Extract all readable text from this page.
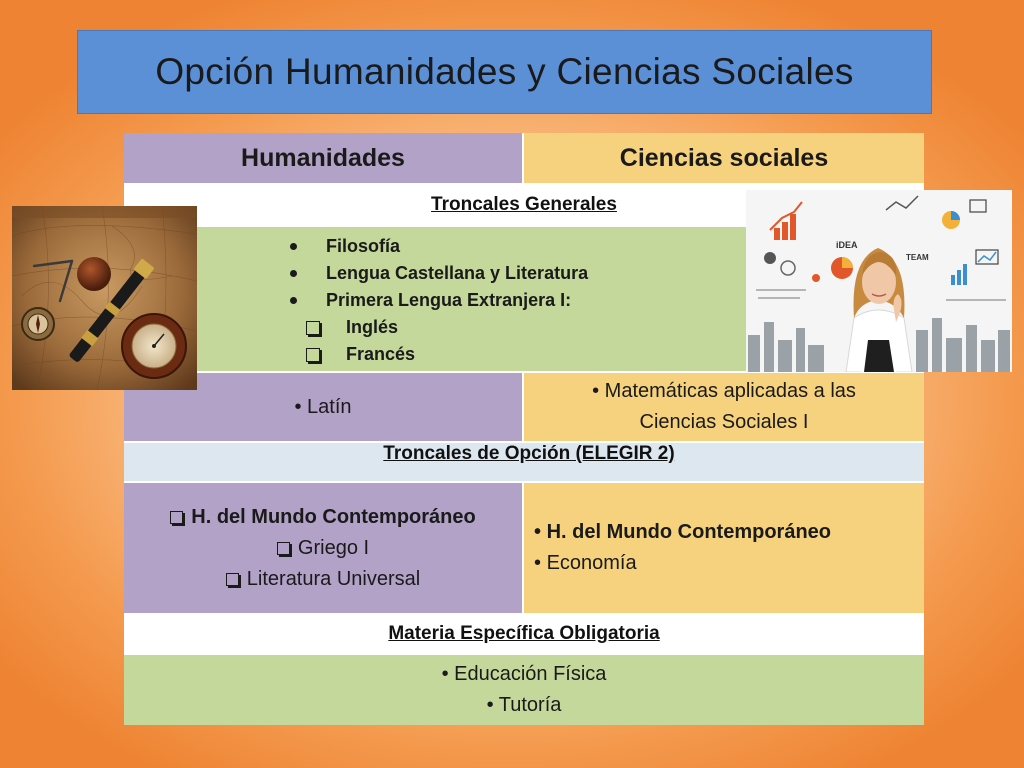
Opción Humanidades y Ciencias Sociales
Humanidades	Ciencias sociales
Troncales Generales
Filosofía
Lengua Castellana y Literatura
Primera Lengua Extranjera I:
Inglés
Francés
• Latín
• Matemáticas aplicadas a las
Ciencias Sociales I
Troncales de Opción (ELEGIR 2)
H. del Mundo Contemporáneo
Griego I
Literatura Universal
• H. del Mundo Contemporáneo
• Economía
Materia Específica Obligatoria
• Educación Física
• Tutoría
iDEA
TEAM
